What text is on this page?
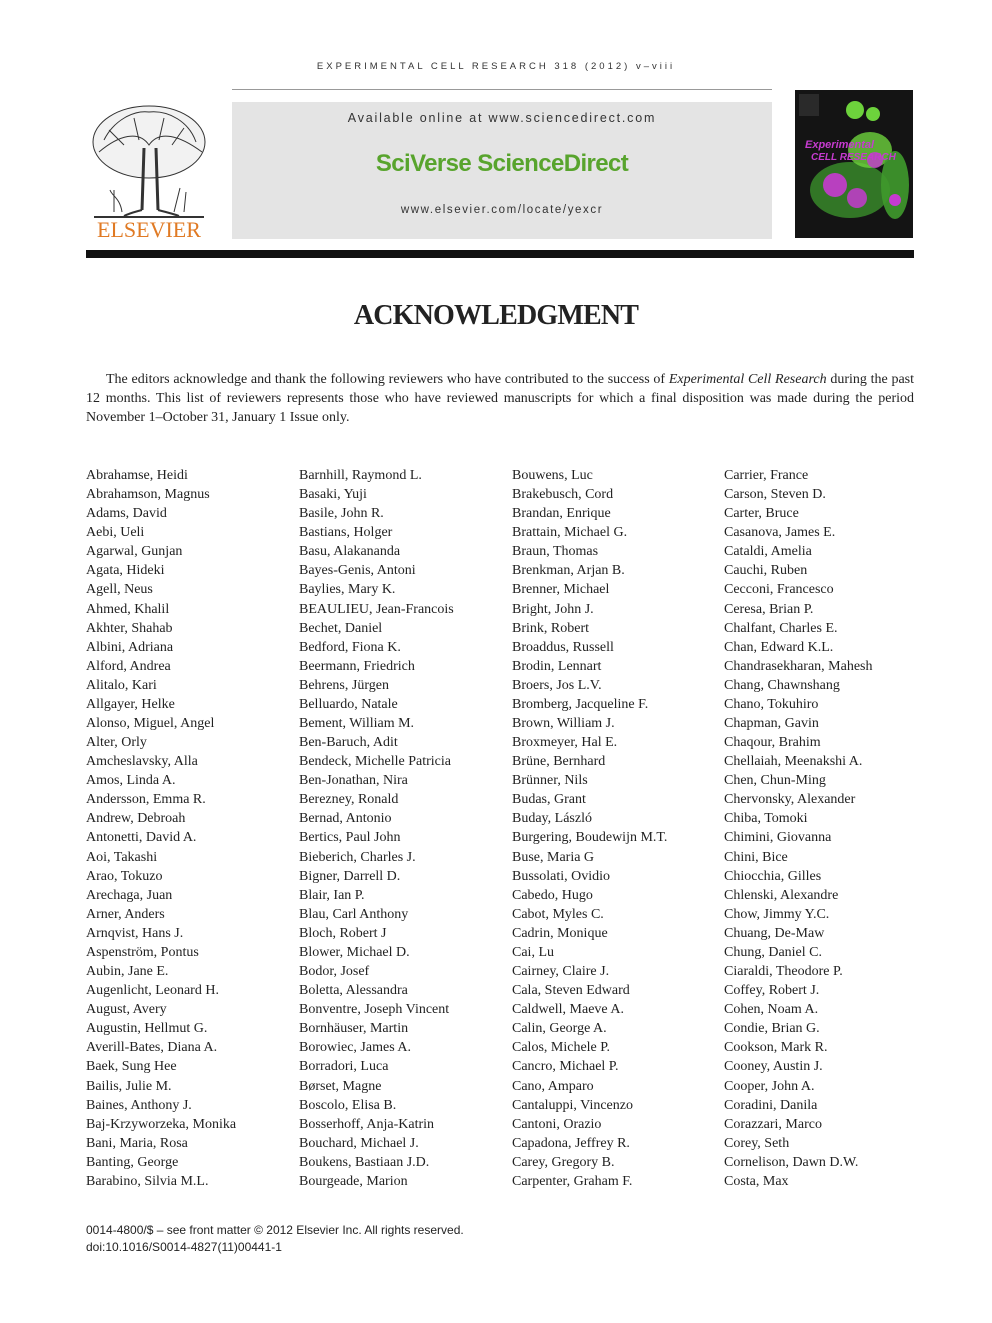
EXPERIMENTAL CELL RESEARCH 318 (2012) v–viii
ELSEVIER
Available online at www.sciencedirect.com
SciVerse ScienceDirect
www.elsevier.com/locate/yexcr
Experimental
CELL RESEARCH
ACKNOWLEDGMENT

The editors acknowledge and thank the following reviewers who have contributed to the success of Experimental Cell Research during the past 12 months. This list of reviewers represents those who have reviewed manuscripts for which a final disposition was made during the period November 1–October 31, January 1 Issue only.

Abrahamse, Heidi
Abrahamson, Magnus
Adams, David
Aebi, Ueli
Agarwal, Gunjan
Agata, Hideki
Agell, Neus
Ahmed, Khalil
Akhter, Shahab
Albini, Adriana
Alford, Andrea
Alitalo, Kari
Allgayer, Helke
Alonso, Miguel, Angel
Alter, Orly
Amcheslavsky, Alla
Amos, Linda A.
Andersson, Emma R.
Andrew, Debroah
Antonetti, David A.
Aoi, Takashi
Arao, Tokuzo
Arechaga, Juan
Arner, Anders
Arnqvist, Hans J.
Aspenström, Pontus
Aubin, Jane E.
Augenlicht, Leonard H.
August, Avery
Augustin, Hellmut G.
Averill-Bates, Diana A.
Baek, Sung Hee
Bailis, Julie M.
Baines, Anthony J.
Baj-Krzyworzeka, Monika
Bani, Maria, Rosa
Banting, George
Barabino, Silvia M.L.
Barnhill, Raymond L.
Basaki, Yuji
Basile, John R.
Bastians, Holger
Basu, Alakananda
Bayes-Genis, Antoni
Baylies, Mary K.
BEAULIEU, Jean-Francois
Bechet, Daniel
Bedford, Fiona K.
Beermann, Friedrich
Behrens, Jürgen
Belluardo, Natale
Bement, William M.
Ben-Baruch, Adit
Bendeck, Michelle Patricia
Ben-Jonathan, Nira
Berezney, Ronald
Bernad, Antonio
Bertics, Paul John
Bieberich, Charles J.
Bigner, Darrell D.
Blair, Ian P.
Blau, Carl Anthony
Bloch, Robert J
Blower, Michael D.
Bodor, Josef
Boletta, Alessandra
Bonventre, Joseph Vincent
Bornhäuser, Martin
Borowiec, James A.
Borradori, Luca
Børset, Magne
Boscolo, Elisa B.
Bosserhoff, Anja-Katrin
Bouchard, Michael J.
Boukens, Bastiaan J.D.
Bourgeade, Marion
Bouwens, Luc
Brakebusch, Cord
Brandan, Enrique
Brattain, Michael G.
Braun, Thomas
Brenkman, Arjan B.
Brenner, Michael
Bright, John J.
Brink, Robert
Broaddus, Russell
Brodin, Lennart
Broers, Jos L.V.
Bromberg, Jacqueline F.
Brown, William J.
Broxmeyer, Hal E.
Brüne, Bernhard
Brünner, Nils
Budas, Grant
Buday, László
Burgering, Boudewijn M.T.
Buse, Maria G
Bussolati, Ovidio
Cabedo, Hugo
Cabot, Myles C.
Cadrin, Monique
Cai, Lu
Cairney, Claire J.
Cala, Steven Edward
Caldwell, Maeve A.
Calin, George A.
Calos, Michele P.
Cancro, Michael P.
Cano, Amparo
Cantaluppi, Vincenzo
Cantoni, Orazio
Capadona, Jeffrey R.
Carey, Gregory B.
Carpenter, Graham F.
Carrier, France
Carson, Steven D.
Carter, Bruce
Casanova, James E.
Cataldi, Amelia
Cauchi, Ruben
Cecconi, Francesco
Ceresa, Brian P.
Chalfant, Charles E.
Chan, Edward K.L.
Chandrasekharan, Mahesh
Chang, Chawnshang
Chano, Tokuhiro
Chapman, Gavin
Chaqour, Brahim
Chellaiah, Meenakshi A.
Chen, Chun-Ming
Chervonsky, Alexander
Chiba, Tomoki
Chimini, Giovanna
Chini, Bice
Chiocchia, Gilles
Chlenski, Alexandre
Chow, Jimmy Y.C.
Chuang, De-Maw
Chung, Daniel C.
Ciaraldi, Theodore P.
Coffey, Robert J.
Cohen, Noam A.
Condie, Brian G.
Cookson, Mark R.
Cooney, Austin J.
Cooper, John A.
Coradini, Danila
Corazzari, Marco
Corey, Seth
Cornelison, Dawn D.W.
Costa, Max
0014-4800/$ – see front matter © 2012 Elsevier Inc. All rights reserved.
doi:10.1016/S0014-4827(11)00441-1
